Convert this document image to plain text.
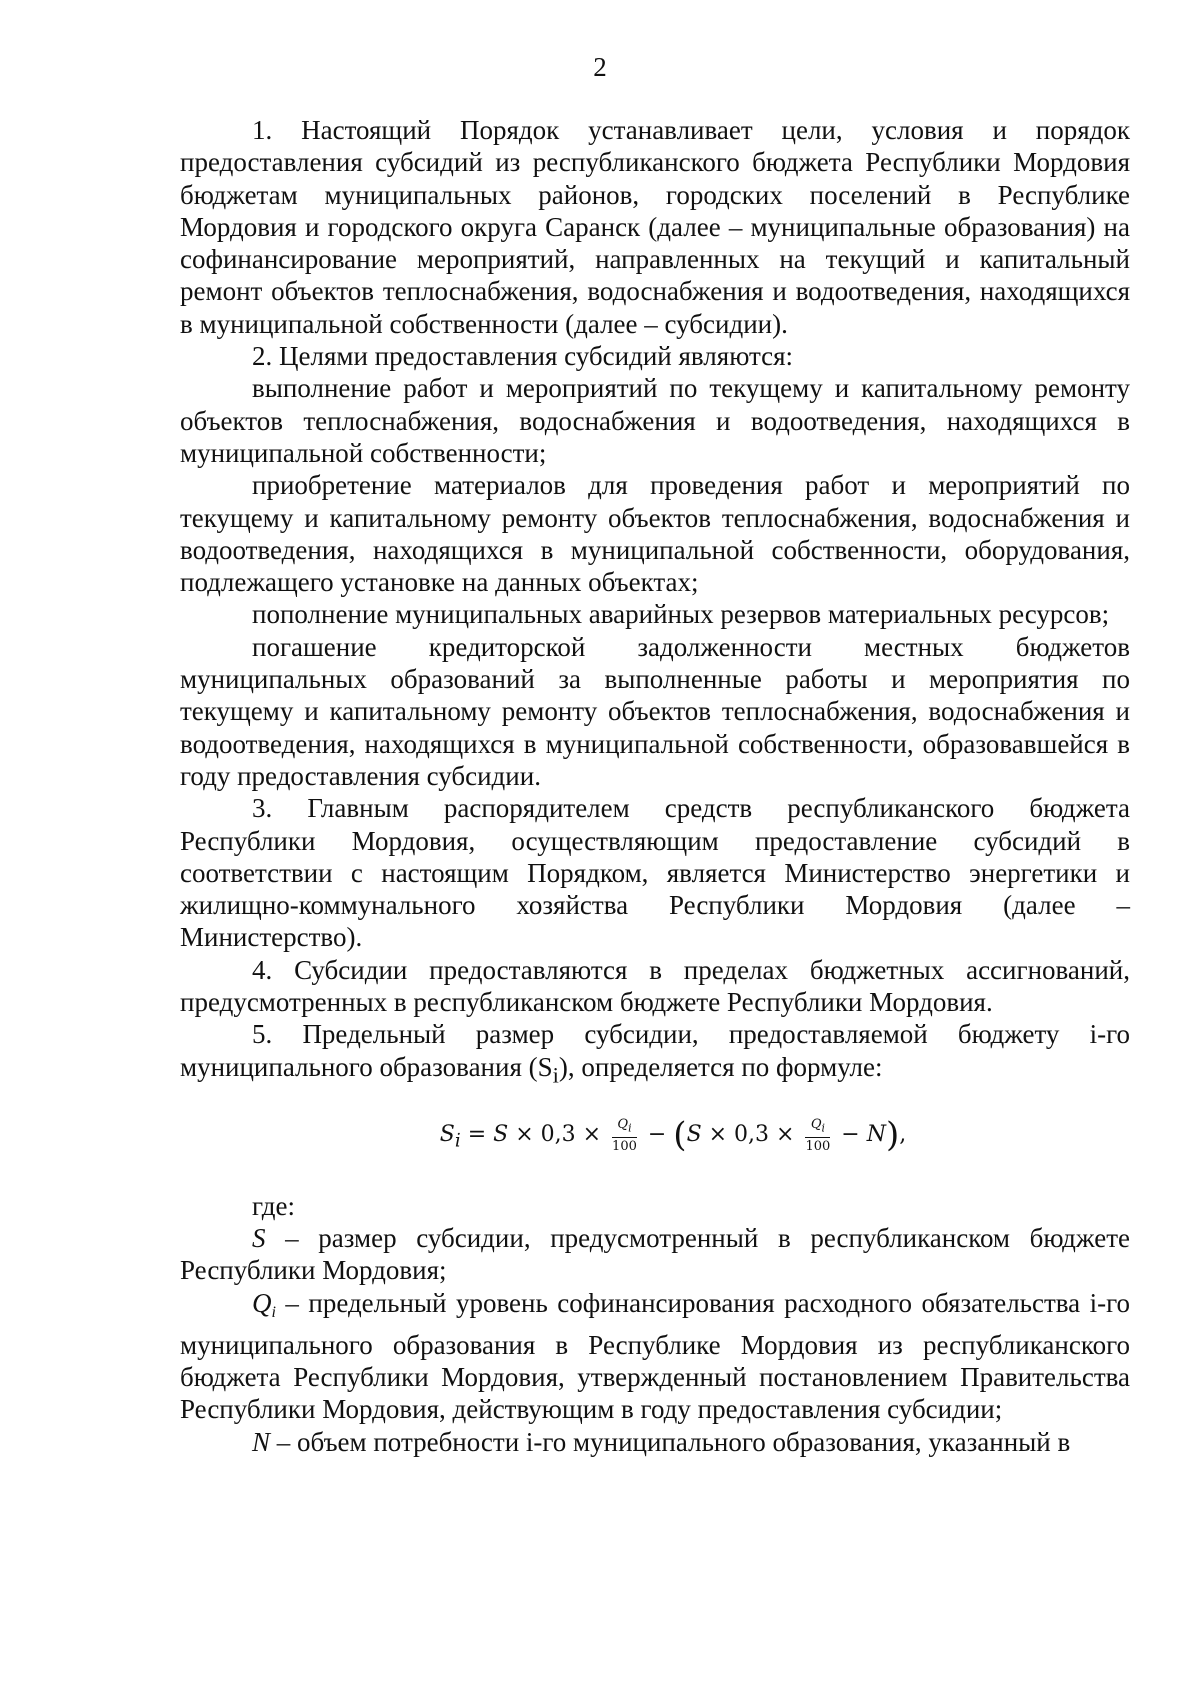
2

1. Настоящий Порядок устанавливает цели, условия и порядок предоставления субсидий из республиканского бюджета Республики Мордовия бюджетам муниципальных районов, городских поселений в Республике Мордовия и городского округа Саранск (далее – муниципальные образования) на софинансирование мероприятий, направленных на текущий и капитальный ремонт объектов теплоснабжения, водоснабжения и водоотведения, находящихся в муниципальной собственности (далее – субсидии).

2. Целями предоставления субсидий являются:

выполнение работ и мероприятий по текущему и капитальному ремонту объектов теплоснабжения, водоснабжения и водоотведения, находящихся в муниципальной собственности;

приобретение материалов для проведения работ и мероприятий по текущему и капитальному ремонту объектов теплоснабжения, водоснабжения и водоотведения, находящихся в муниципальной собственности, оборудования, подлежащего установке на данных объектах;

пополнение муниципальных аварийных резервов материальных ресурсов;

погашение кредиторской задолженности местных бюджетов муниципальных образований за выполненные работы и мероприятия по текущему и капитальному ремонту объектов теплоснабжения, водоснабжения и водоотведения, находящихся в муниципальной собственности, образовавшейся в году предоставления субсидии.

3. Главным распорядителем средств республиканского бюджета Республики Мордовия, осуществляющим предоставление субсидий в соответствии с настоящим Порядком, является Министерство энергетики и жилищно-коммунального хозяйства Республики Мордовия (далее – Министерство).

4. Субсидии предоставляются в пределах бюджетных ассигнований, предусмотренных в республиканском бюджете Республики Мордовия.

5. Предельный размер субсидии, предоставляемой бюджету i-го муниципального образования $(S_i)$, определяется по формуле:

$S_i = S \times 0,3 \times \frac{Q_i}{100} - (S \times 0,3 \times \frac{Q_i}{100} - N)$,

где:

S – размер субсидии, предусмотренный в республиканском бюджете Республики Мордовия;

$Q_i$ – предельный уровень софинансирования расходного обязательства i-го муниципального образования в Республике Мордовия из республиканского бюджета Республики Мордовия, утвержденный постановлением Правительства Республики Мордовия, действующим в году предоставления субсидии;

N – объем потребности i-го муниципального образования, указанный в
